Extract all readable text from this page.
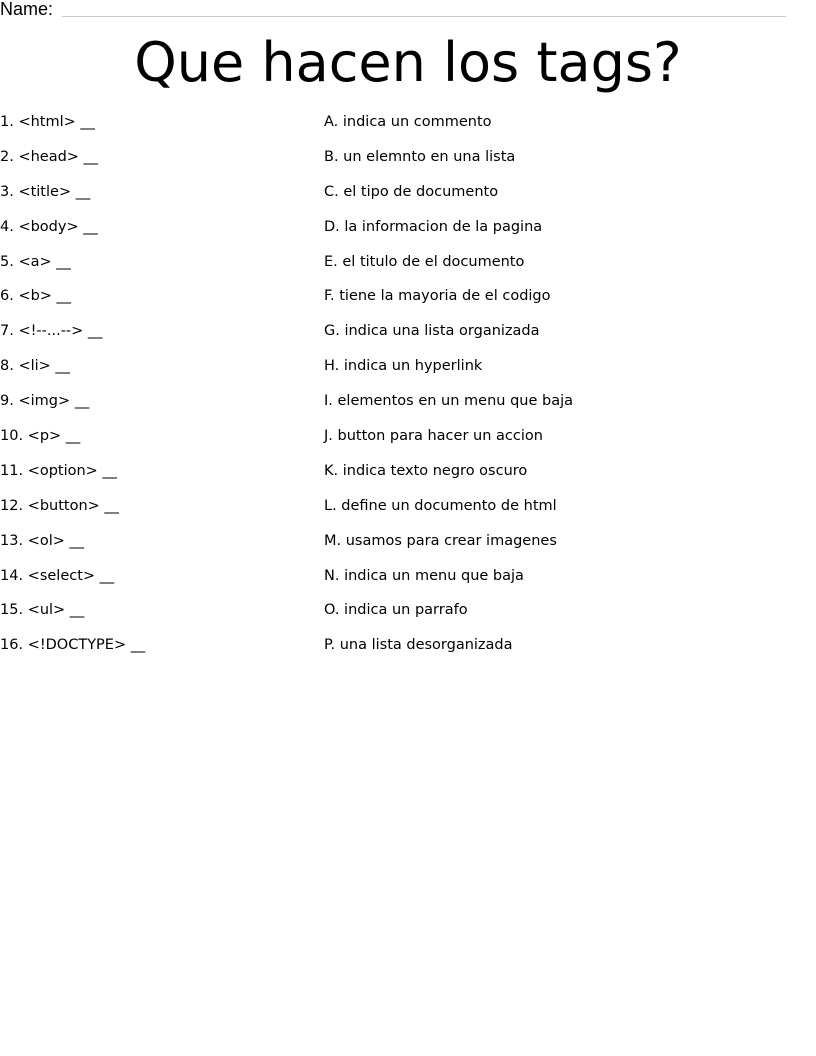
Name:
Que hacen los tags?
1. <html> __
2. <head> __
3. <title> __
4. <body> __
5. <a> __
6. <b> __
7. <!--...--> __
8. <li> __
9. <img> __
10. <p> __
11. <option> __
12. <button> __
13. <ol> __
14. <select> __
15. <ul> __
16. <!DOCTYPE> __
A. indica un commento
B. un elemnto en una lista
C. el tipo de documento
D. la informacion de la pagina
E. el titulo de el documento
F. tiene la mayoria de el codigo
G. indica una lista organizada
H. indica un hyperlink
I. elementos en un menu que baja
J. button para hacer un accion
K. indica texto negro oscuro
L. define un documento de html
M. usamos para crear imagenes
N. indica un menu que baja
O. indica un parrafo
P. una lista desorganizada
